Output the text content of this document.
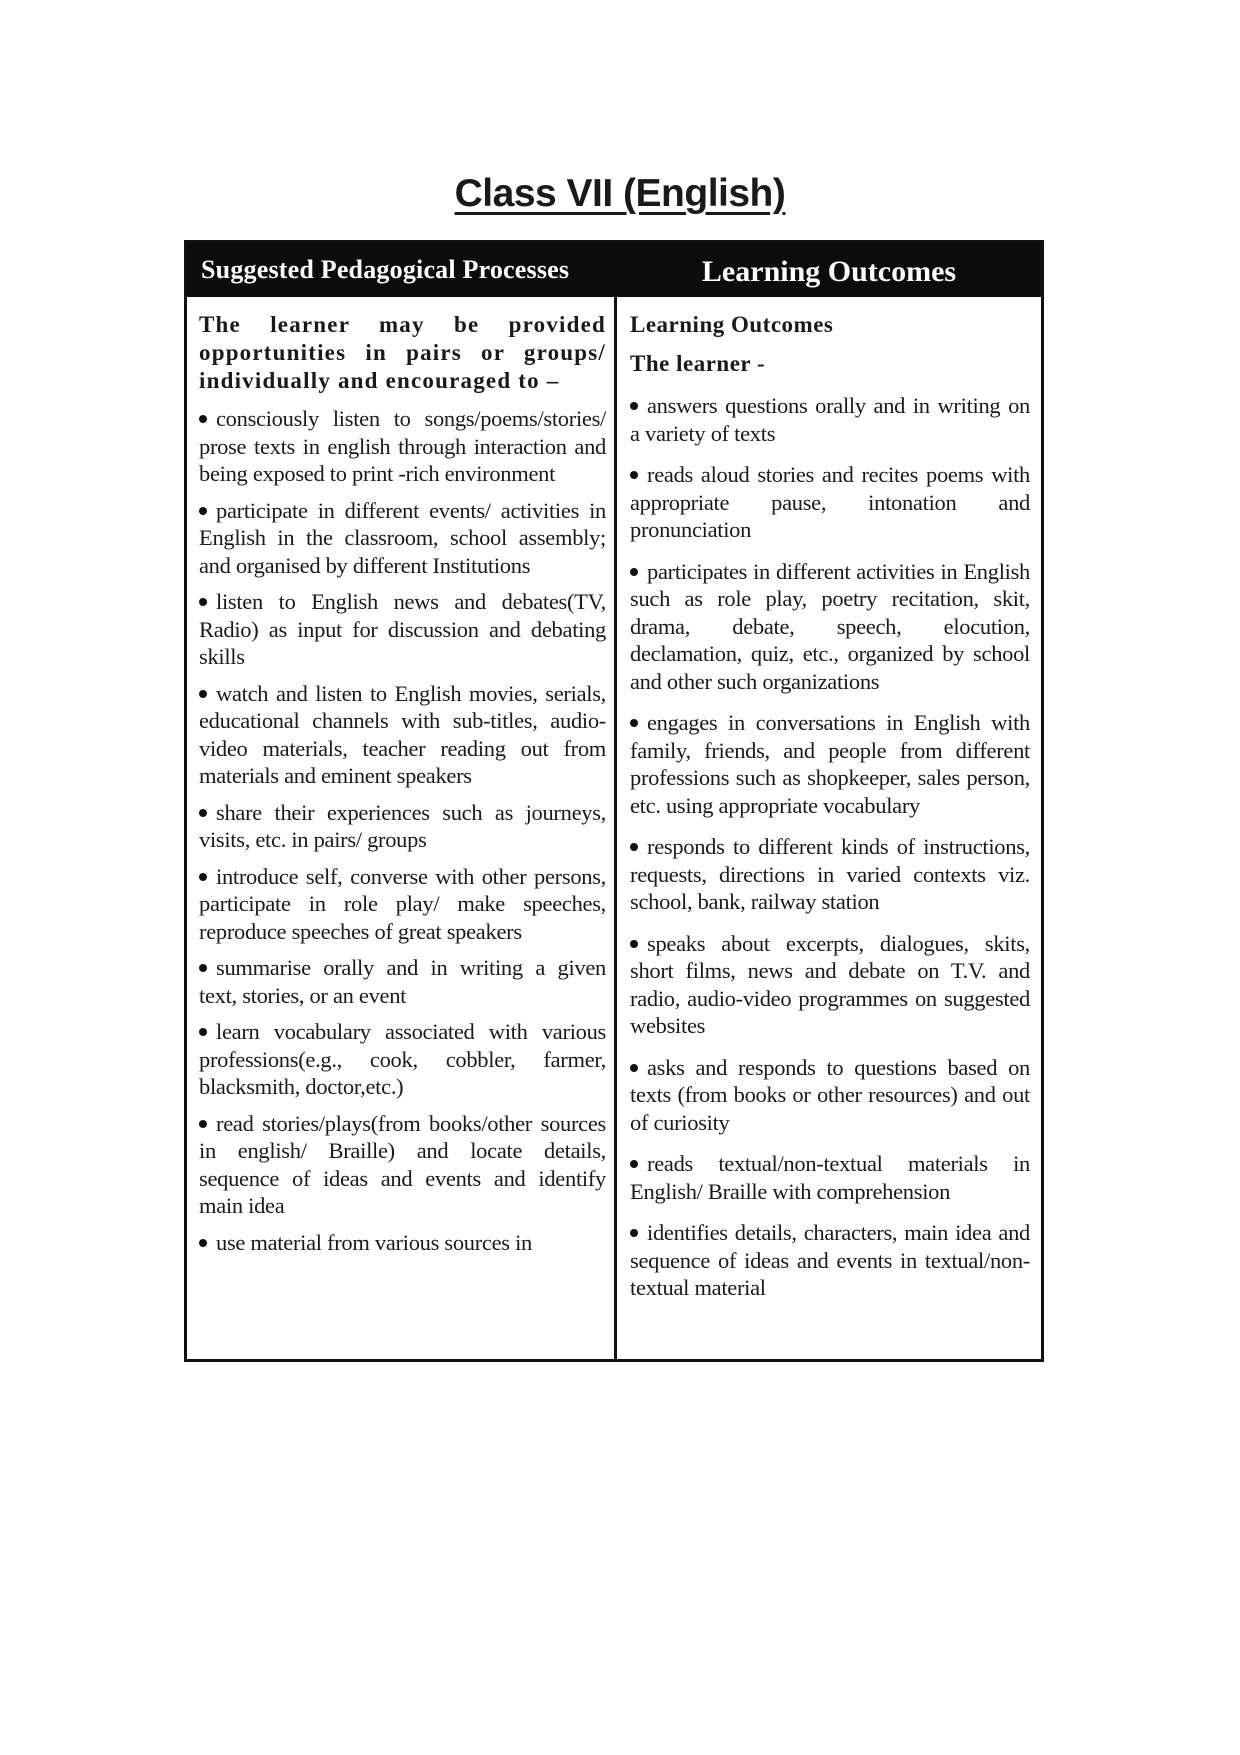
Class VII (English)
Suggested Pedagogical Processes	Learning Outcomes
The learner may be provided opportunities in pairs or groups/ individually and encouraged to –
consciously listen to songs/poems/stories/ prose texts in english through interaction and being exposed to print -rich environment
participate in different events/ activities in English in the classroom, school assembly; and organised by different Institutions
listen to English news and debates(TV, Radio) as input for discussion and debating skills
watch and listen to English movies, serials, educational channels with sub-titles, audio-video materials, teacher reading out from materials and eminent speakers
share their experiences such as journeys, visits, etc. in pairs/ groups
introduce self, converse with other persons, participate in role play/ make speeches, reproduce speeches of great speakers
summarise orally and in writing a given text, stories, or an event
learn vocabulary associated with various professions(e.g., cook, cobbler, farmer, blacksmith, doctor,etc.)
read stories/plays(from books/other sources in english/ Braille) and locate details, sequence of ideas and events and identify main idea
use material from various sources in
Learning Outcomes
The learner -
answers questions orally and in writing on a variety of texts
reads aloud stories and recites poems with appropriate pause, intonation and pronunciation
participates in different activities in English such as role play, poetry recitation, skit, drama, debate, speech, elocution, declamation, quiz, etc., organized by school and other such organizations
engages in conversations in English with family, friends, and people from different professions such as shopkeeper, sales person, etc. using appropriate vocabulary
responds to different kinds of instructions, requests, directions in varied contexts viz. school, bank, railway station
speaks about excerpts, dialogues, skits, short films, news and debate on T.V. and radio, audio-video programmes on suggested websites
asks and responds to questions based on texts (from books or other resources) and out of curiosity
reads textual/non-textual materials in English/ Braille with comprehension
identifies details, characters, main idea and sequence of ideas and events in textual/non-textual material
